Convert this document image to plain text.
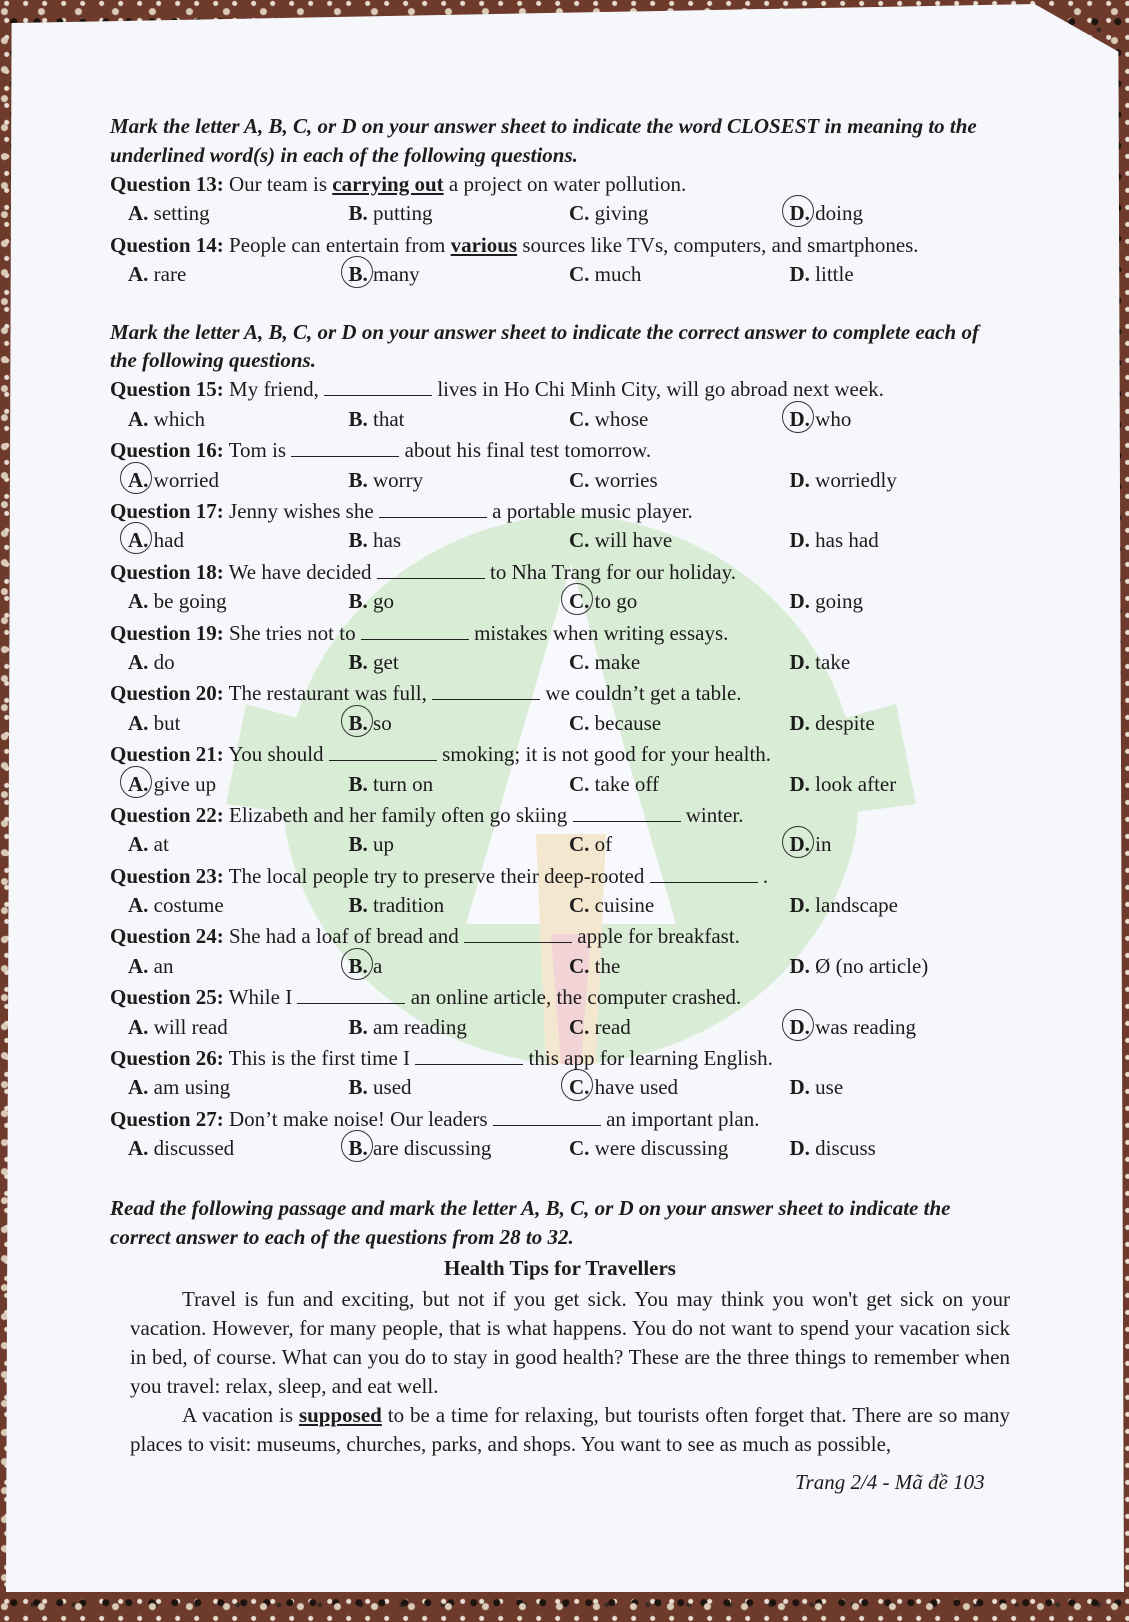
Mark the letter A, B, C, or D on your answer sheet to indicate the word CLOSEST in meaning to the underlined word(s) in each of the following questions.

Question 13: Our team is carrying out a project on water pollution.

A. setting	B. putting	C. giving	D. doing

Question 14: People can entertain from various sources like TVs, computers, and smartphones.

A. rare	B. many	C. much	D. little

Mark the letter A, B, C, or D on your answer sheet to indicate the correct answer to complete each of the following questions.

Question 15: My friend,	lives in Ho Chi Minh City, will go abroad next week.

A. which	B. that	C. whose	D. who

Question 16: Tom is	about his final test tomorrow.

A. worried	B. worry	C. worries	D. worriedly

Question 17: Jenny wishes she	a portable music player.

A. had	B. has	C. will have	D. has had

Question 18: We have decided	to Nha Trang for our holiday.

A. be going	B. go	C. to go	D. going

Question 19: She tries not to	mistakes when writing essays.

A. do	B. get	C. make	D. take

Question 20: The restaurant was full,	we couldn’t get a table.

A. but	B. so	C. because	D. despite

Question 21: You should	smoking; it is not good for your health.

A. give up	B. turn on	C. take off	D. look after

Question 22: Elizabeth and her family often go skiing	winter.

A. at	B. up	C. of	D. in

Question 23: The local people try to preserve their deep-rooted	.

A. costume	B. tradition	C. cuisine	D. landscape

Question 24: She had a loaf of bread and	apple for breakfast.

A. an	B. a	C. the	D. Ø (no article)

Question 25: While I	an online article, the computer crashed.

A. will read	B. am reading	C. read	D. was reading

Question 26: This is the first time I	this app for learning English.

A. am using	B. used	C. have used	D. use

Question 27: Don’t make noise! Our leaders	an important plan.

A. discussed	B. are discussing	C. were discussing	D. discuss

Read the following passage and mark the letter A, B, C, or D on your answer sheet to indicate the correct answer to each of the questions from 28 to 32.

Health Tips for Travellers

Travel is fun and exciting, but not if you get sick. You may think you won't get sick on your vacation. However, for many people, that is what happens. You do not want to spend your vacation sick in bed, of course. What can you do to stay in good health? These are the three things to remember when you travel: relax, sleep, and eat well.

A vacation is supposed to be a time for relaxing, but tourists often forget that. There are so many places to visit: museums, churches, parks, and shops. You want to see as much as possible,

Trang 2/4 - Mã đề 103
